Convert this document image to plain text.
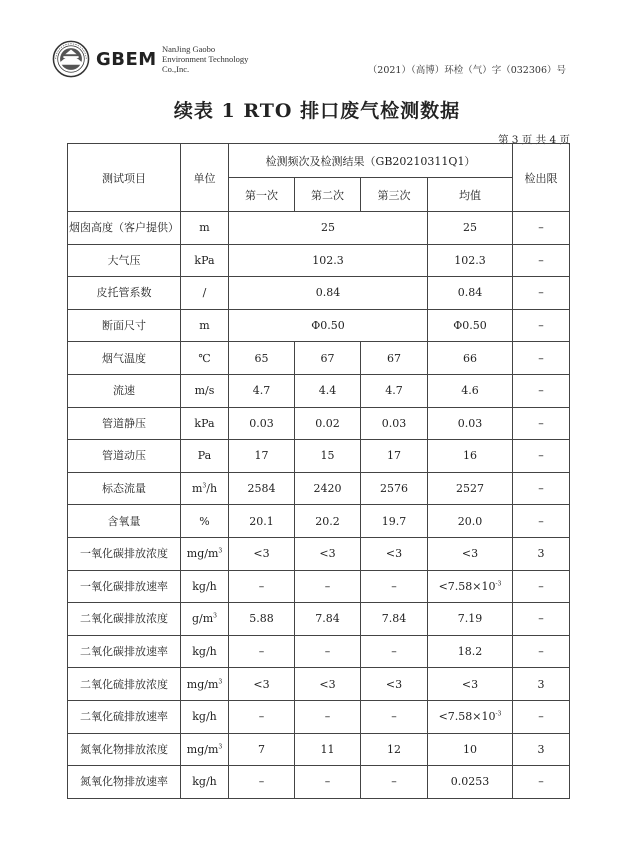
GBEM NanJing Gaobo
Environment Technology
Co.,Inc.	（2021）（高博）环检（气）字（032306）号
续表 1 RTO 排口废气检测数据
第 3 页 共 4 页
测试项目	单位	检测频次及检测结果（GB20210311Q1）				检出限
		第一次	第二次	第三次	均值	
烟囱高度（客户提供）	m	25			25	–
大气压	kPa	102.3			102.3	–
皮托管系数	/	0.84			0.84	–
断面尺寸	m	Φ0.50			Φ0.50	–
烟气温度	℃	65	67	67	66	–
流速	m/s	4.7	4.4	4.7	4.6	–
管道静压	kPa	0.03	0.02	0.03	0.03	–
管道动压	Pa	17	15	17	16	–
标态流量	$m^3/h$	2584	2420	2576	2527	–
含氧量	%	20.1	20.2	19.7	20.0	–
一氧化碳排放浓度	$mg/m^3$	<3	<3	<3	<3	3
一氧化碳排放速率	kg/h	–	–	–	$<7.58\times 10^{-3}$	–
二氧化碳排放浓度	$g/m^3$	5.88	7.84	7.84	7.19	–
二氧化碳排放速率	kg/h	–	–	–	18.2	–
二氧化硫排放浓度	$mg/m^3$	<3	<3	<3	<3	3
二氧化硫排放速率	kg/h	–	–	–	$<7.58\times 10^{-3}$	–
氮氧化物排放浓度	$mg/m^3$	7	11	12	10	3
氮氧化物排放速率	kg/h	–	–	–	0.0253	–
